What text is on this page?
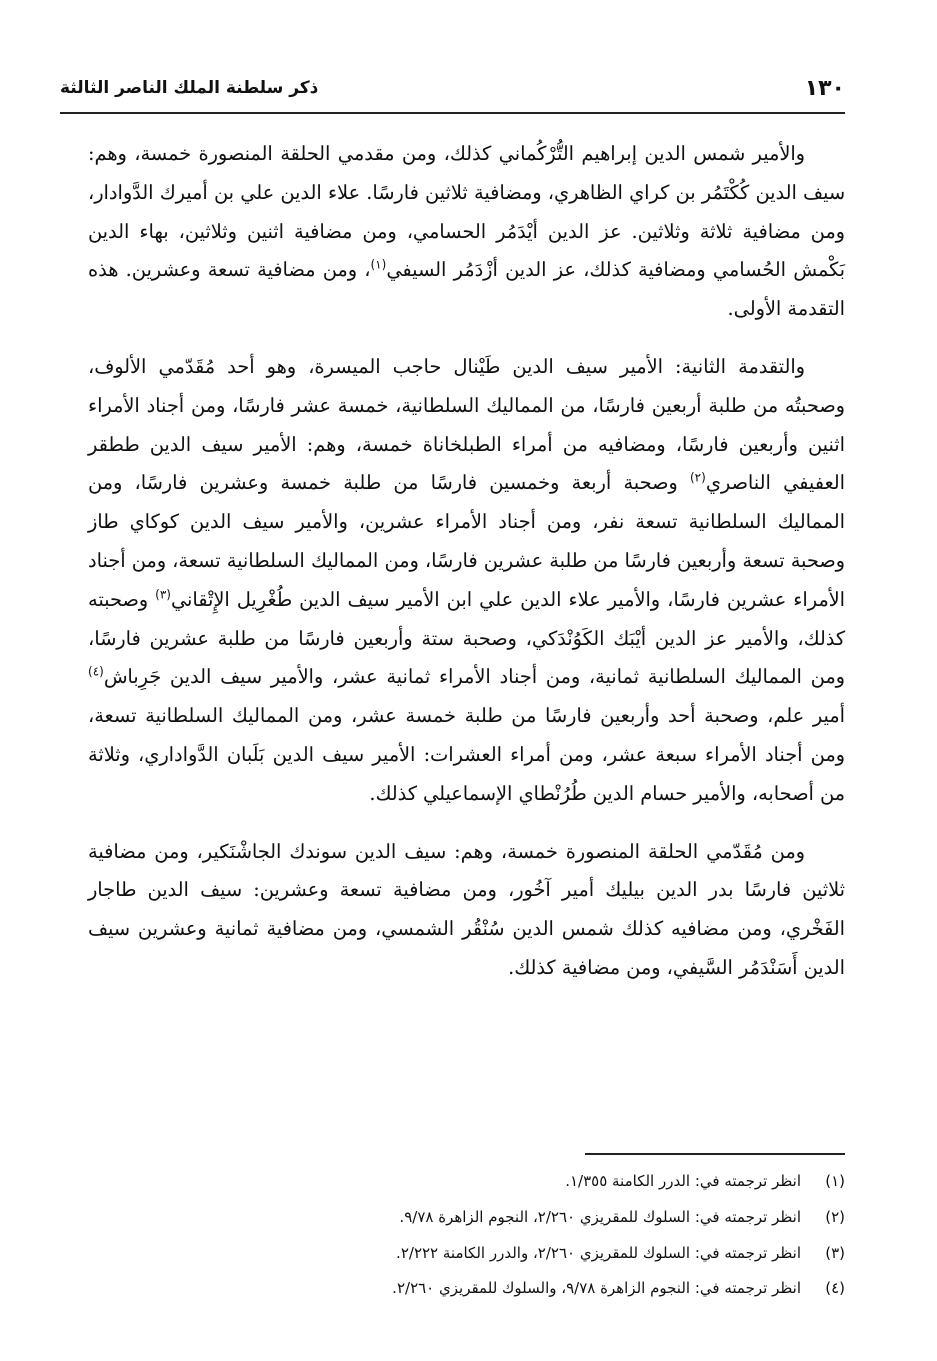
١٣٠
ذكر سلطنة الملك الناصر الثالثة

والأمير شمس الدين إبراهيم التُّرْكُماني كذلك، ومن مقدمي الحلقة المنصورة خمسة، وهم: سيف الدين كُكْتَمُر بن كراي الظاهري، ومضافية ثلاثين فارسًا. علاء الدين علي بن أميرك الدَّوادار، ومن مضافية ثلاثة وثلاثين. عز الدين أيْدَمُر الحسامي، ومن مضافية اثنين وثلاثين، بهاء الدين بَكْمش الحُسامي ومضافية كذلك، عز الدين أزْدَمُر السيفي$^{(١)}$، ومن مضافية تسعة وعشرين. هذه التقدمة الأولى.

والتقدمة الثانية: الأمير سيف الدين طَيْنال حاجب الميسرة، وهو أحد مُقَدّمي الألوف، وصحبتُه من طلبة أربعين فارسًا، من المماليك السلطانية، خمسة عشر فارسًا، ومن أجناد الأمراء اثنين وأربعين فارسًا، ومضافيه من أمراء الطبلخاناة خمسة، وهم: الأمير سيف الدين ططقر العفيفي الناصري$^{(٢)}$ وصحبة أربعة وخمسين فارسًا من طلبة خمسة وعشرين فارسًا، ومن المماليك السلطانية تسعة نفر، ومن أجناد الأمراء عشرين، والأمير سيف الدين كوكاي طاز وصحبة تسعة وأربعين فارسًا من طلبة عشرين فارسًا، ومن المماليك السلطانية تسعة، ومن أجناد الأمراء عشرين فارسًا، والأمير علاء الدين علي ابن الأمير سيف الدين طُغْرِيل الإِتْقاني$^{(٣)}$ وصحبته كذلك، والأمير عز الدين أيْبَك الكَوُنْدَكي، وصحبة ستة وأربعين فارسًا من طلبة عشرين فارسًا، ومن المماليك السلطانية ثمانية، ومن أجناد الأمراء ثمانية عشر، والأمير سيف الدين جَرِباش$^{(٤)}$ أمير علم، وصحبة أحد وأربعين فارسًا من طلبة خمسة عشر، ومن المماليك السلطانية تسعة، ومن أجناد الأمراء سبعة عشر، ومن أمراء العشرات: الأمير سيف الدين بَلَبان الدَّواداري، وثلاثة من أصحابه، والأمير حسام الدين طُرُنْطاي الإسماعيلي كذلك.

ومن مُقَدّمي الحلقة المنصورة خمسة، وهم: سيف الدين سوندك الجاشْنَكير، ومن مضافية ثلاثين فارسًا بدر الدين بيليك أمير آخُور، ومن مضافية تسعة وعشرين: سيف الدين طاجار الفَخْري، ومن مضافيه كذلك شمس الدين سُنْقُر الشمسي، ومن مضافية ثمانية وعشرين سيف الدين أَسَنْدَمُر السَّيفي، ومن مضافية كذلك.

(١)
انظر ترجمته في: الدرر الكامنة ١/٣٥٥.
(٢)
انظر ترجمته في: السلوك للمقريزي ٢/٢٦٠، النجوم الزاهرة ٩/٧٨.
(٣)
انظر ترجمته في: السلوك للمقريزي ٢/٢٦٠، والدرر الكامنة ٢/٢٢٢.
(٤)
انظر ترجمته في: النجوم الزاهرة ٩/٧٨، والسلوك للمقريزي ٢/٢٦٠.
